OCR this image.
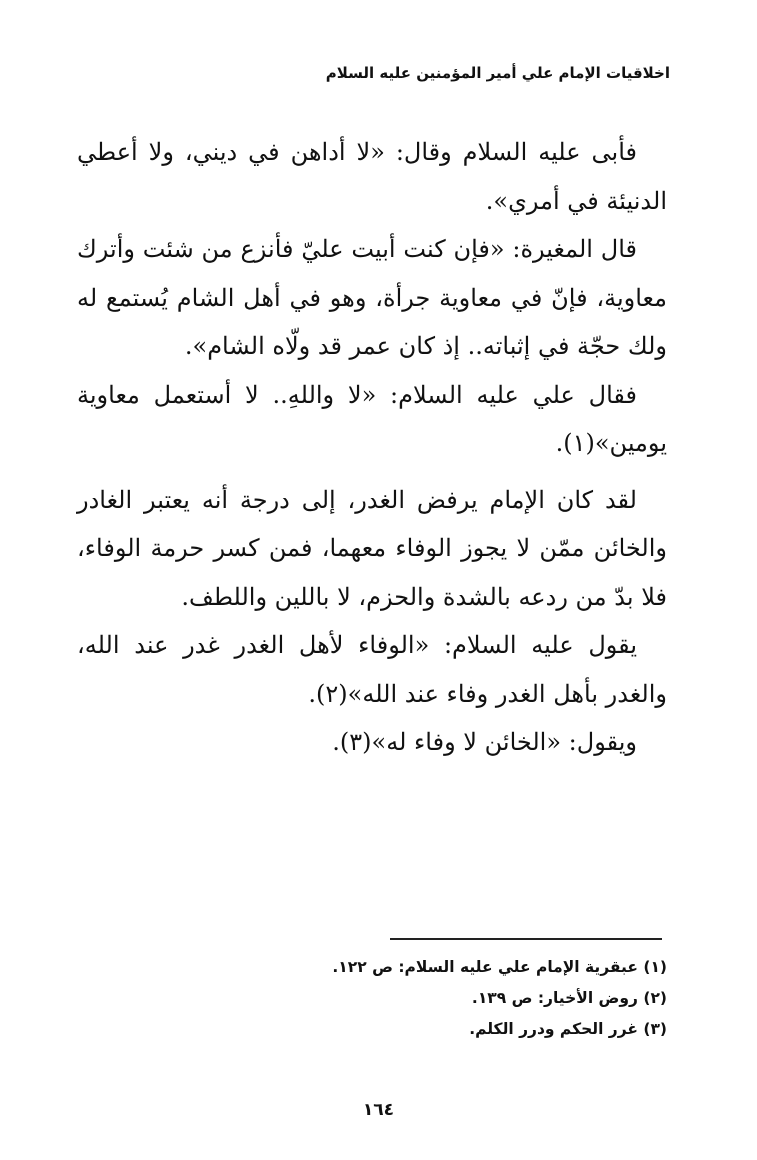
اخلاقيات الإمام علي أمير المؤمنين عليه السلام

فأبى عليه السلام وقال: «لا أداهن في ديني، ولا أعطي الدنيئة في أمري».

قال المغيرة: «فإن كنت أبيت عليّ فأنزع من شئت وأترك معاوية، فإنّ في معاوية جرأة، وهو في أهل الشام يُستمع له ولك حجّة في إثباته.. إذ كان عمر قد ولّاه الشام».

فقال علي عليه السلام: «لا واللهِ.. لا أستعمل معاوية يومين»(١).

لقد كان الإمام يرفض الغدر، إلى درجة أنه يعتبر الغادر والخائن ممّن لا يجوز الوفاء معهما، فمن كسر حرمة الوفاء، فلا بدّ من ردعه بالشدة والحزم، لا باللين واللطف.

يقول عليه السلام: «الوفاء لأهل الغدر غدر عند الله، والغدر بأهل الغدر وفاء عند الله»(٢).

ويقول: «الخائن لا وفاء له»(٣).

(١) عبقرية الإمام علي عليه السلام: ص ١٢٢.

(٢) روض الأخيار: ص ١٣٩.

(٣) غرر الحكم ودرر الكلم.

١٦٤
